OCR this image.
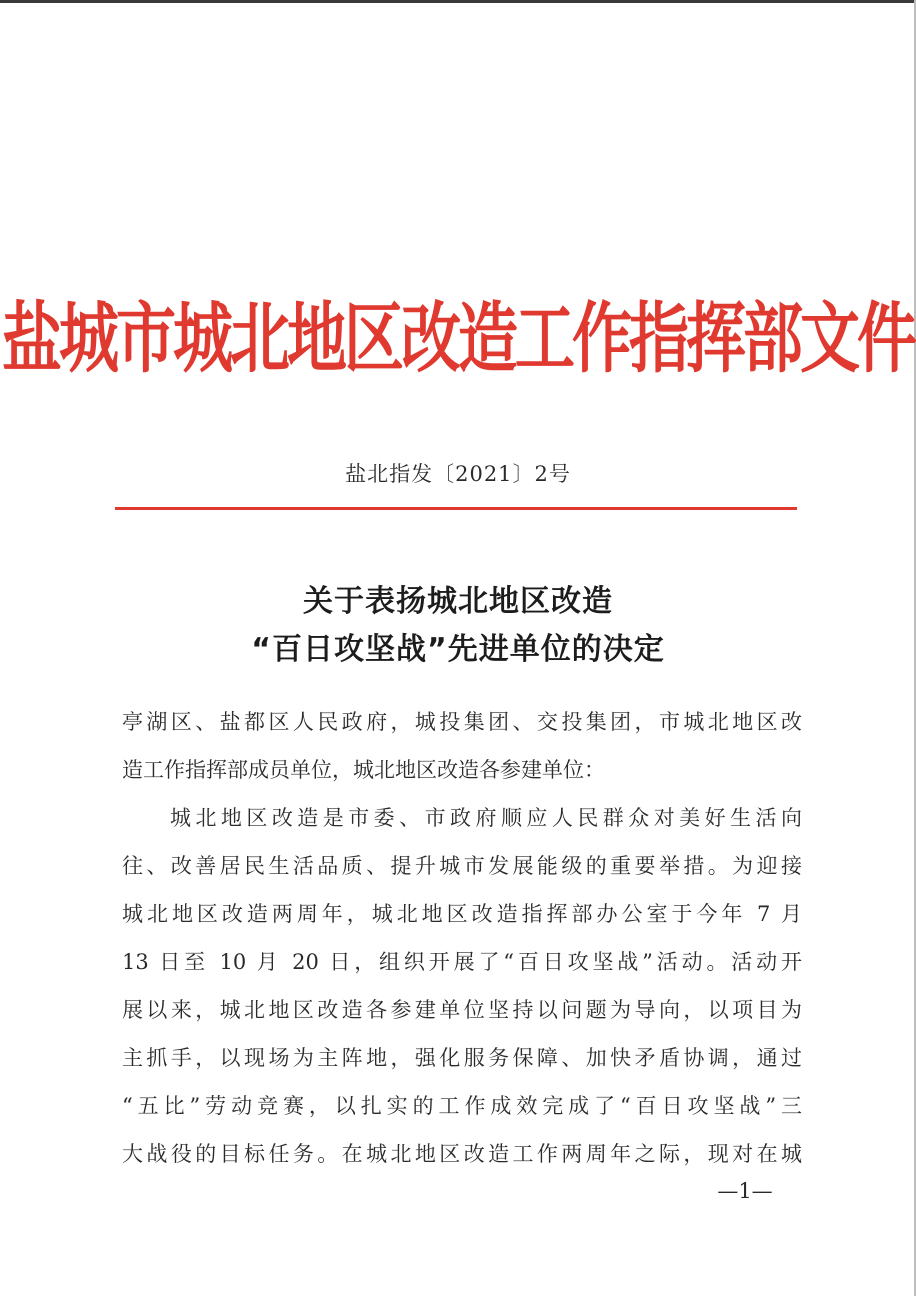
盐城市城北地区改造工作指挥部文件
盐北指发〔2021〕2号
关于表扬城北地区改造
“百日攻坚战”先进单位的决定
亭湖区、盐都区人民政府，城投集团、交投集团，市城北地区改
造工作指挥部成员单位，城北地区改造各参建单位：
城北地区改造是市委、市政府顺应人民群众对美好生活向
往、改善居民生活品质、提升城市发展能级的重要举措。为迎接
城北地区改造两周年，城北地区改造指挥部办公室于今年 7 月
13 日至 10 月 20 日，组织开展了“百日攻坚战”活动。活动开
展以来，城北地区改造各参建单位坚持以问题为导向，以项目为
主抓手，以现场为主阵地，强化服务保障、加快矛盾协调，通过
“五比”劳动竞赛，以扎实的工作成效完成了“百日攻坚战”三
大战役的目标任务。在城北地区改造工作两周年之际，现对在城
—1—
